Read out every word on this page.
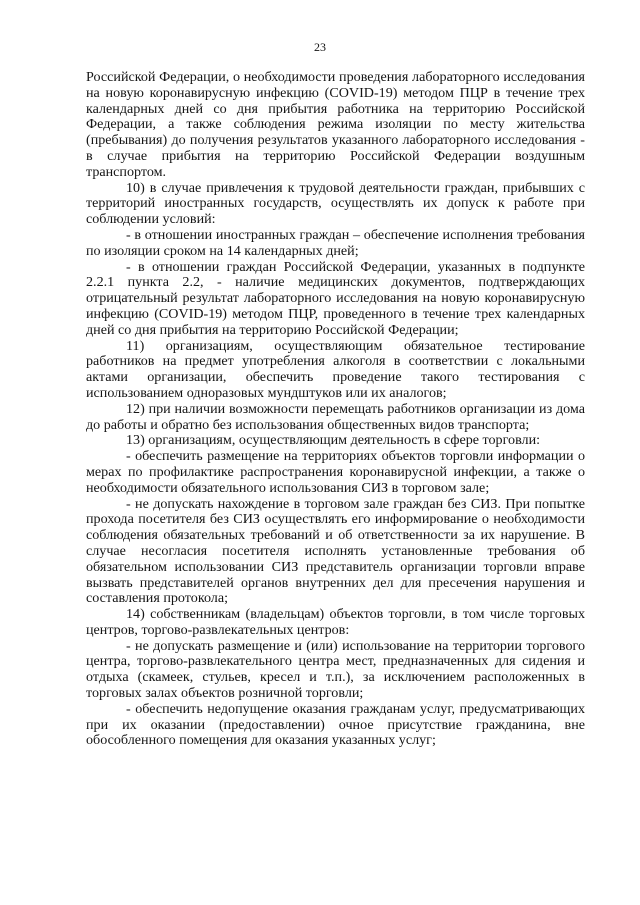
23

Российской Федерации, о необходимости проведения лабораторного исследования на новую коронавирусную инфекцию (COVID-19) методом ПЦР в течение трех календарных дней со дня прибытия работника на территорию Российской Федерации, а также соблюдения режима изоляции по месту жительства (пребывания) до получения результатов указанного лабораторного исследования - в случае прибытия на территорию Российской Федерации воздушным транспортом.

10) в случае привлечения к трудовой деятельности граждан, прибывших с территорий иностранных государств, осуществлять их допуск к работе при соблюдении условий:

- в отношении иностранных граждан – обеспечение исполнения требования по изоляции сроком на 14 календарных дней;

- в отношении граждан Российской Федерации, указанных в подпункте 2.2.1 пункта 2.2, - наличие медицинских документов, подтверждающих отрицательный результат лабораторного исследования на новую коронавирусную инфекцию (COVID-19) методом ПЦР, проведенного в течение трех календарных дней со дня прибытия на территорию Российской Федерации;

11) организациям, осуществляющим обязательное тестирование работников на предмет употребления алкоголя в соответствии с локальными актами организации, обеспечить проведение такого тестирования с использованием одноразовых мундштуков или их аналогов;

12) при наличии возможности перемещать работников организации из дома до работы и обратно без использования общественных видов транспорта;

13) организациям, осуществляющим деятельность в сфере торговли:

- обеспечить размещение на территориях объектов торговли информации о мерах по профилактике распространения коронавирусной инфекции, а также о необходимости обязательного использования СИЗ в торговом зале;

- не допускать нахождение в торговом зале граждан без СИЗ. При попытке прохода посетителя без СИЗ осуществлять его информирование о необходимости соблюдения обязательных требований и об ответственности за их нарушение. В случае несогласия посетителя исполнять установленные требования об обязательном использовании СИЗ представитель организации торговли вправе вызвать представителей органов внутренних дел для пресечения нарушения и составления протокола;

14) собственникам (владельцам) объектов торговли, в том числе торговых центров, торгово-развлекательных центров:

- не допускать размещение и (или) использование на территории торгового центра, торгово-развлекательного центра мест, предназначенных для сидения и отдыха (скамеек, стульев, кресел и т.п.), за исключением расположенных в торговых залах объектов розничной торговли;

- обеспечить недопущение оказания гражданам услуг, предусматривающих при их оказании (предоставлении) очное присутствие гражданина, вне обособленного помещения для оказания указанных услуг;
